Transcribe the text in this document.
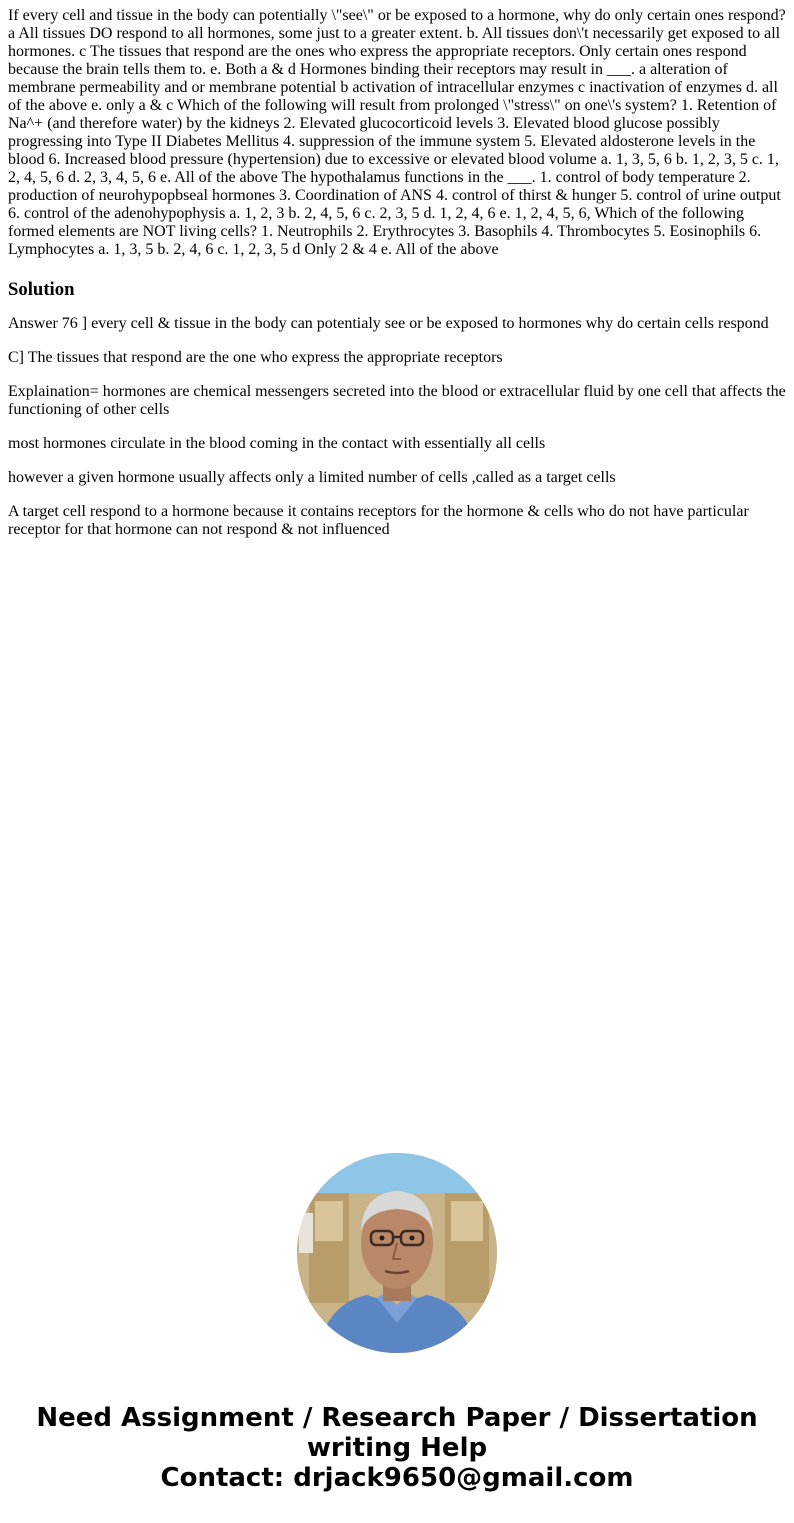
If every cell and tissue in the body can potentially \"see\" or be exposed to a hormone, why do only certain ones respond? a All tissues DO respond to all hormones, some just to a greater extent. b. All tissues don\'t necessarily get exposed to all hormones. c The tissues that respond are the ones who express the appropriate receptors. Only certain ones respond because the brain tells them to. e. Both a & d Hormones binding their receptors may result in ___. a alteration of membrane permeability and or membrane potential b activation of intracellular enzymes c inactivation of enzymes d. all of the above e. only a & c Which of the following will result from prolonged \"stress\" on one\'s system? 1. Retention of Na^+ (and therefore water) by the kidneys 2. Elevated glucocorticoid levels 3. Elevated blood glucose possibly progressing into Type II Diabetes Mellitus 4. suppression of the immune system 5. Elevated aldosterone levels in the blood 6. Increased blood pressure (hypertension) due to excessive or elevated blood volume a. 1, 3, 5, 6 b. 1, 2, 3, 5 c. 1, 2, 4, 5, 6 d. 2, 3, 4, 5, 6 e. All of the above The hypothalamus functions in the ___. 1. control of body temperature 2. production of neurohypopbseal hormones 3. Coordination of ANS 4. control of thirst & hunger 5. control of urine output 6. control of the adenohypophysis a. 1, 2, 3 b. 2, 4, 5, 6 c. 2, 3, 5 d. 1, 2, 4, 6 e. 1, 2, 4, 5, 6, Which of the following formed elements are NOT living cells? 1. Neutrophils 2. Erythrocytes 3. Basophils 4. Thrombocytes 5. Eosinophils 6. Lymphocytes a. 1, 3, 5 b. 2, 4, 6 c. 1, 2, 3, 5 d Only 2 & 4 e. All of the above
Solution

Answer 76 ] every cell & tissue in the body can potentialy see or be exposed to hormones why do certain cells respond

C] The tissues that respond are the one who express the appropriate receptors

Explaination= hormones are chemical messengers secreted into the blood or extracellular fluid by one cell that affects the functioning of other cells

most hormones circulate in the blood coming in the contact with essentially all cells

however a given hormone usually affects only a limited number of cells ,called as a target cells

A target cell respond to a hormone because it contains receptors for the hormone & cells who do not have particular receptor for that hormone can not respond & not influenced

Need Assignment / Research Paper / Dissertation
writing Help
Contact: drjack9650@gmail.com
